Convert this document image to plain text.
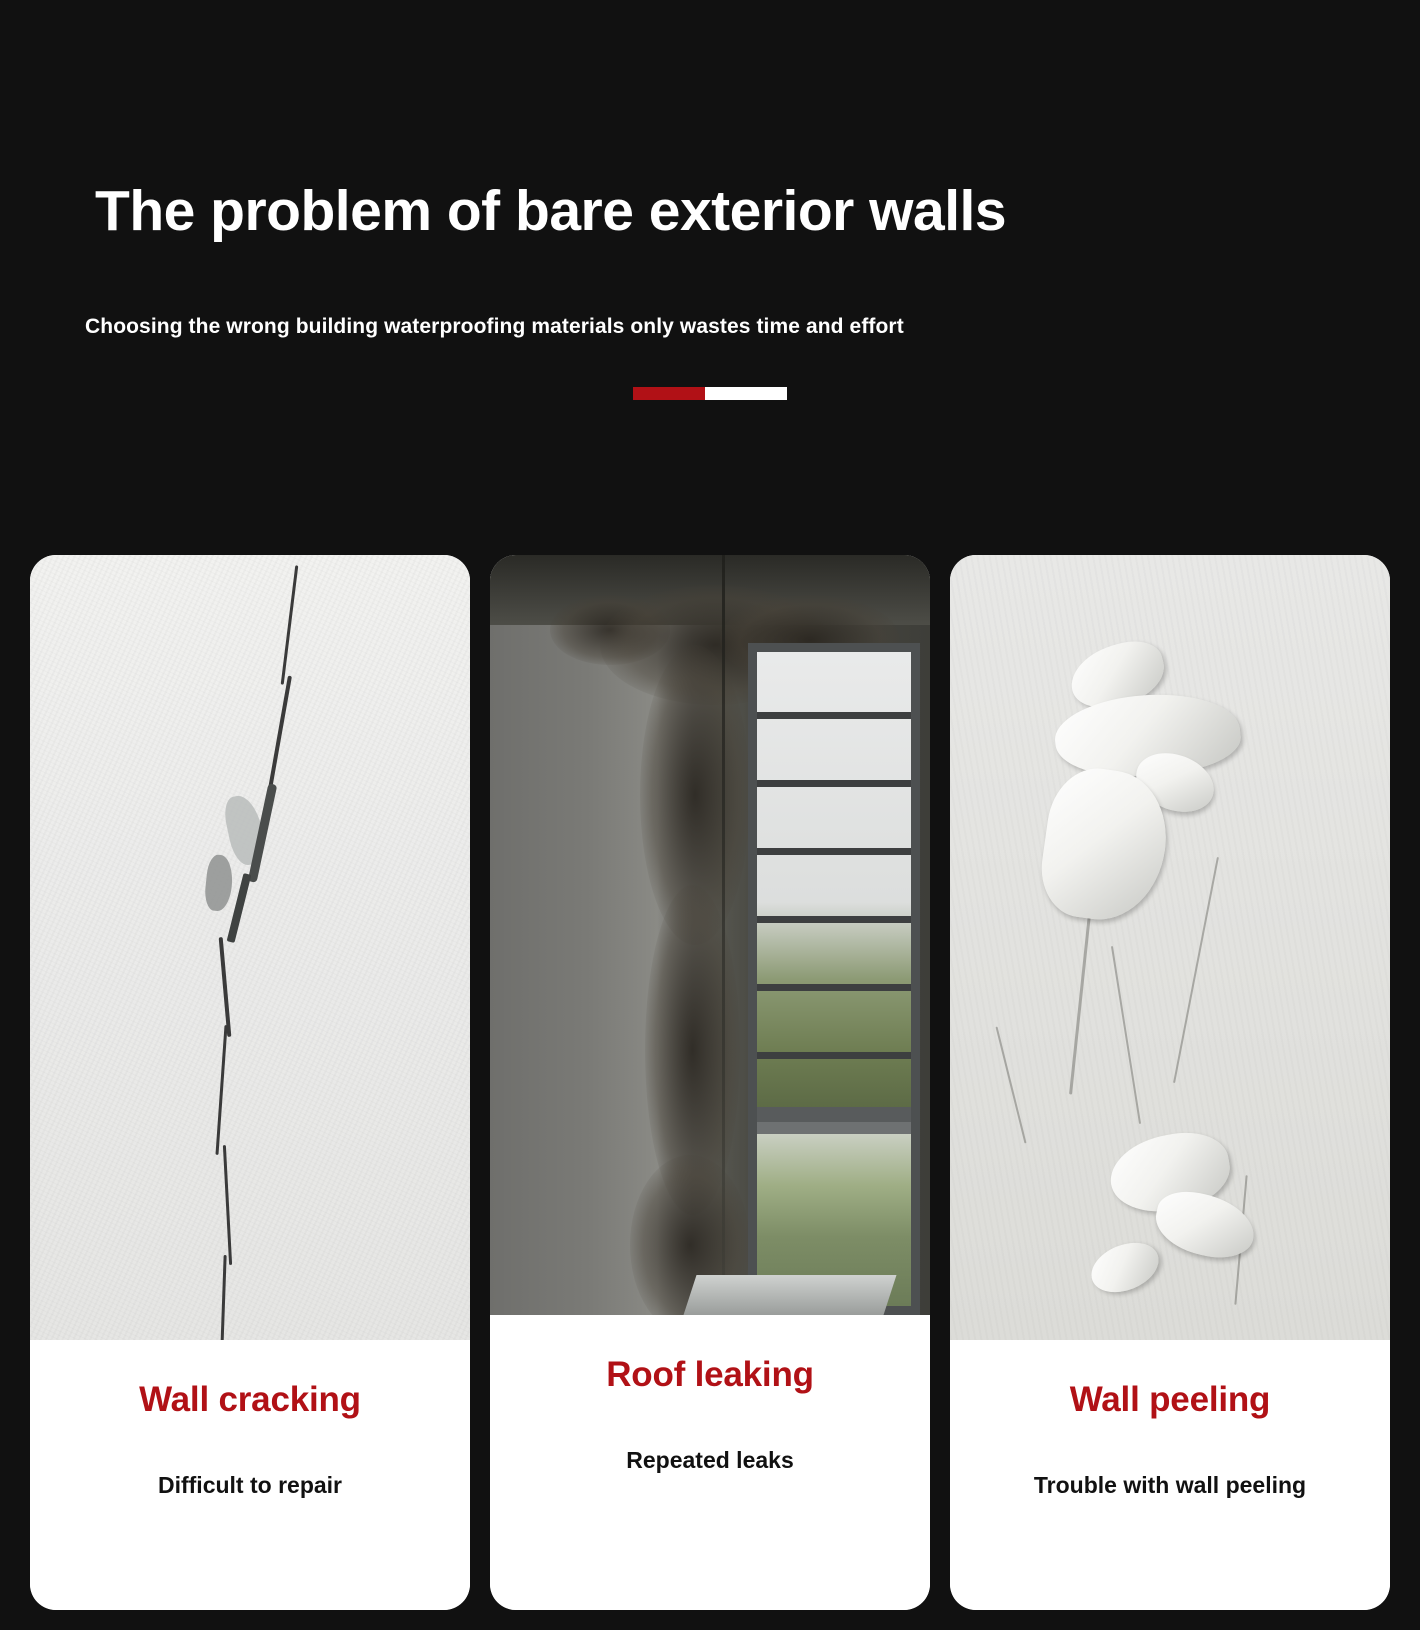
The problem of bare exterior walls

Choosing the wrong building waterproofing materials only wastes time and effort

Wall cracking
Difficult to repair
Roof leaking
Repeated leaks
Wall peeling
Trouble with wall peeling
